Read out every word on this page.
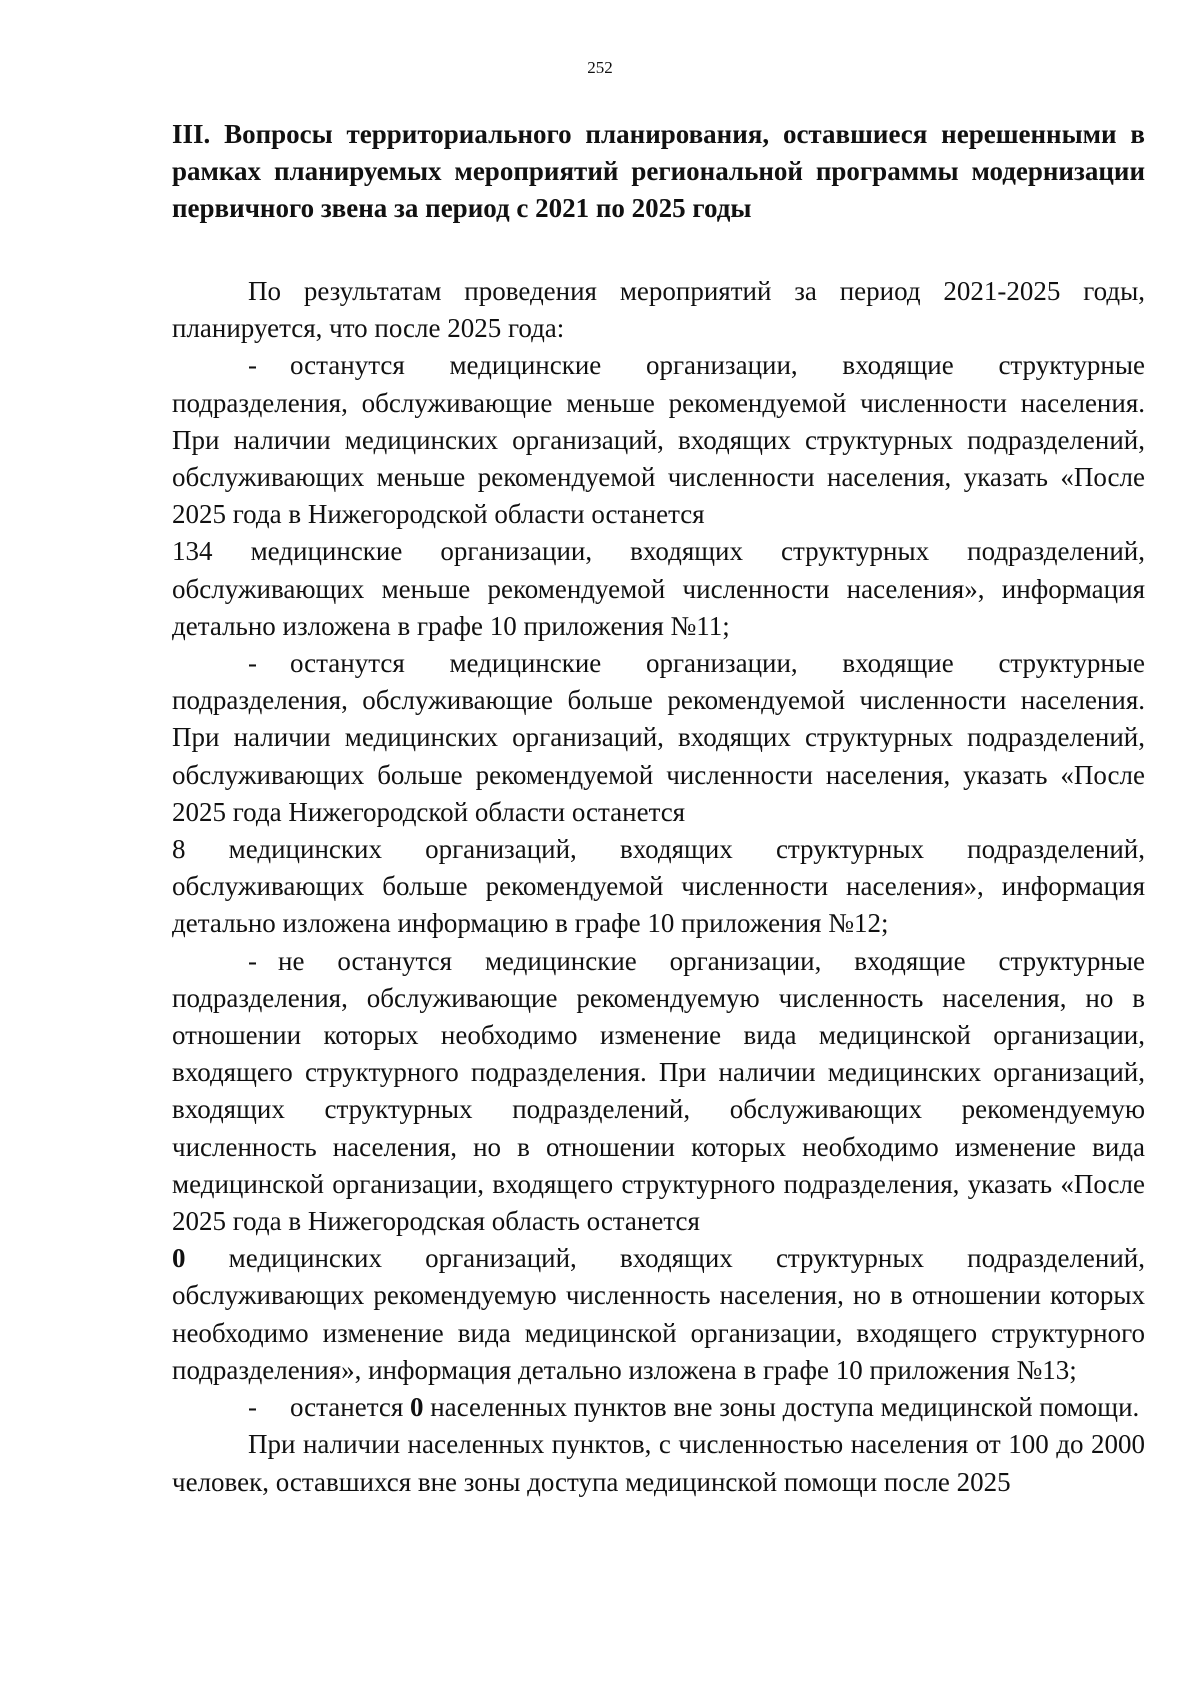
252
III. Вопросы территориального планирования, оставшиеся нерешенными в рамках планируемых мероприятий региональной программы модернизации первичного звена за период с 2021 по 2025 годы

По результатам проведения мероприятий за период 2021-2025 годы, планируется, что после 2025 года:

- останутся медицинские организации, входящие структурные подразделения, обслуживающие меньше рекомендуемой численности населения. При наличии медицинских организаций, входящих структурных подразделений, обслуживающих меньше рекомендуемой численности населения, указать «После 2025 года в Нижегородской области останется

134 медицинские организации, входящих структурных подразделений, обслуживающих меньше рекомендуемой численности населения», информация детально изложена в графе 10 приложения №11;

- останутся медицинские организации, входящие структурные подразделения, обслуживающие больше рекомендуемой численности населения. При наличии медицинских организаций, входящих структурных подразделений, обслуживающих больше рекомендуемой численности населения, указать «После 2025 года Нижегородской области останется

8 медицинских организаций, входящих структурных подразделений, обслуживающих больше рекомендуемой численности населения», информация детально изложена информацию в графе 10 приложения №12;

- не останутся медицинские организации, входящие структурные подразделения, обслуживающие рекомендуемую численность населения, но в отношении которых необходимо изменение вида медицинской организации, входящего структурного подразделения. При наличии медицинских организаций, входящих структурных подразделений, обслуживающих рекомендуемую численность населения, но в отношении которых необходимо изменение вида медицинской организации, входящего структурного подразделения, указать «После 2025 года в Нижегородская область останется

0 медицинских организаций, входящих структурных подразделений, обслуживающих рекомендуемую численность населения, но в отношении которых необходимо изменение вида медицинской организации, входящего структурного подразделения», информация детально изложена в графе 10 приложения №13;

- останется 0 населенных пунктов вне зоны доступа медицинской помощи.

При наличии населенных пунктов, с численностью населения от 100 до 2000 человек, оставшихся вне зоны доступа медицинской помощи после 2025
